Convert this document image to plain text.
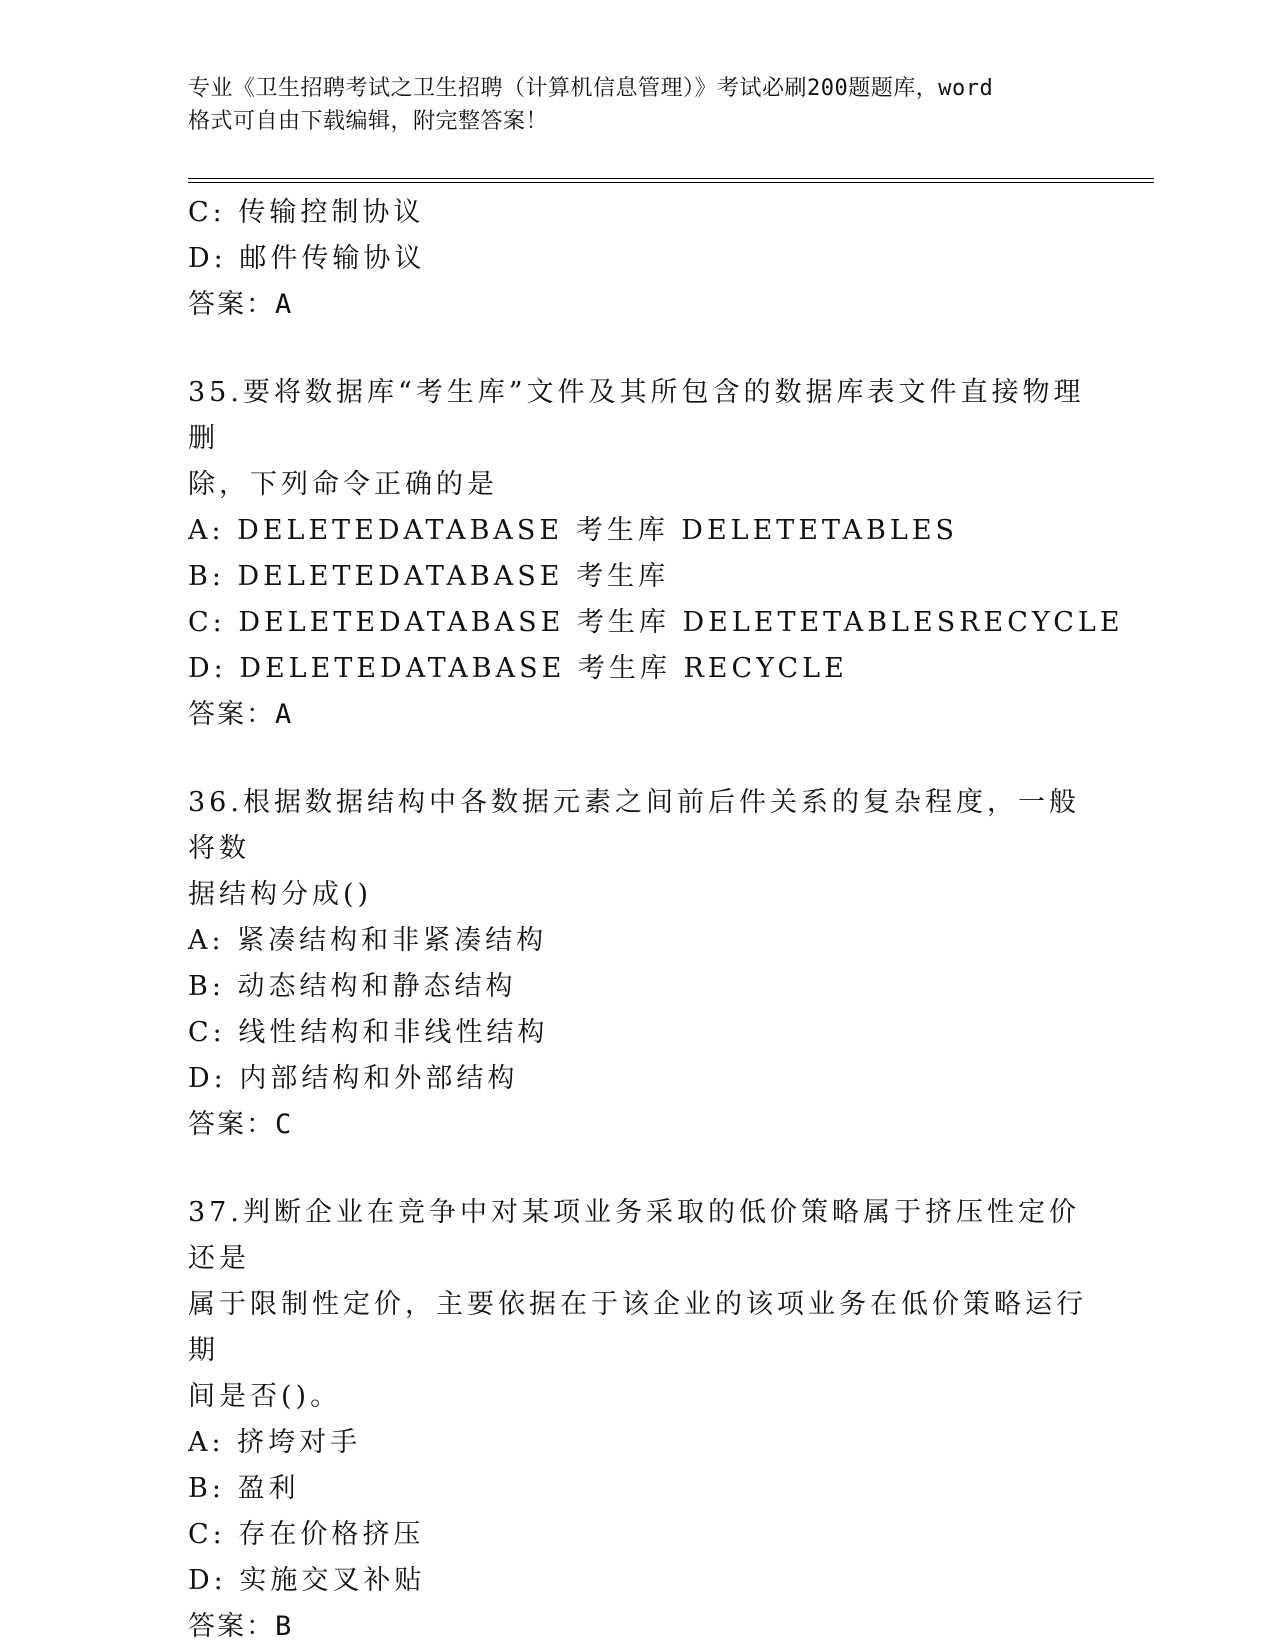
专业《卫生招聘考试之卫生招聘（计算机信息管理）》考试必刷200题题库，word
格式可自由下载编辑，附完整答案！
C: 传输控制协议
D: 邮件传输协议
答案：A
35.要将数据库“考生库”文件及其所包含的数据库表文件直接物理删
除，下列命令正确的是
A: DELETEDATABASE 考生库 DELETETABLES
B: DELETEDATABASE 考生库
C: DELETEDATABASE 考生库 DELETETABLESRECYCLE
D: DELETEDATABASE 考生库 RECYCLE
答案：A
36.根据数据结构中各数据元素之间前后件关系的复杂程度，一般将数
据结构分成()
A: 紧凑结构和非紧凑结构
B: 动态结构和静态结构
C: 线性结构和非线性结构
D: 内部结构和外部结构
答案：C
37.判断企业在竞争中对某项业务采取的低价策略属于挤压性定价还是
属于限制性定价，主要依据在于该企业的该项业务在低价策略运行期
间是否()。
A: 挤垮对手
B: 盈利
C: 存在价格挤压
D: 实施交叉补贴
答案：B
